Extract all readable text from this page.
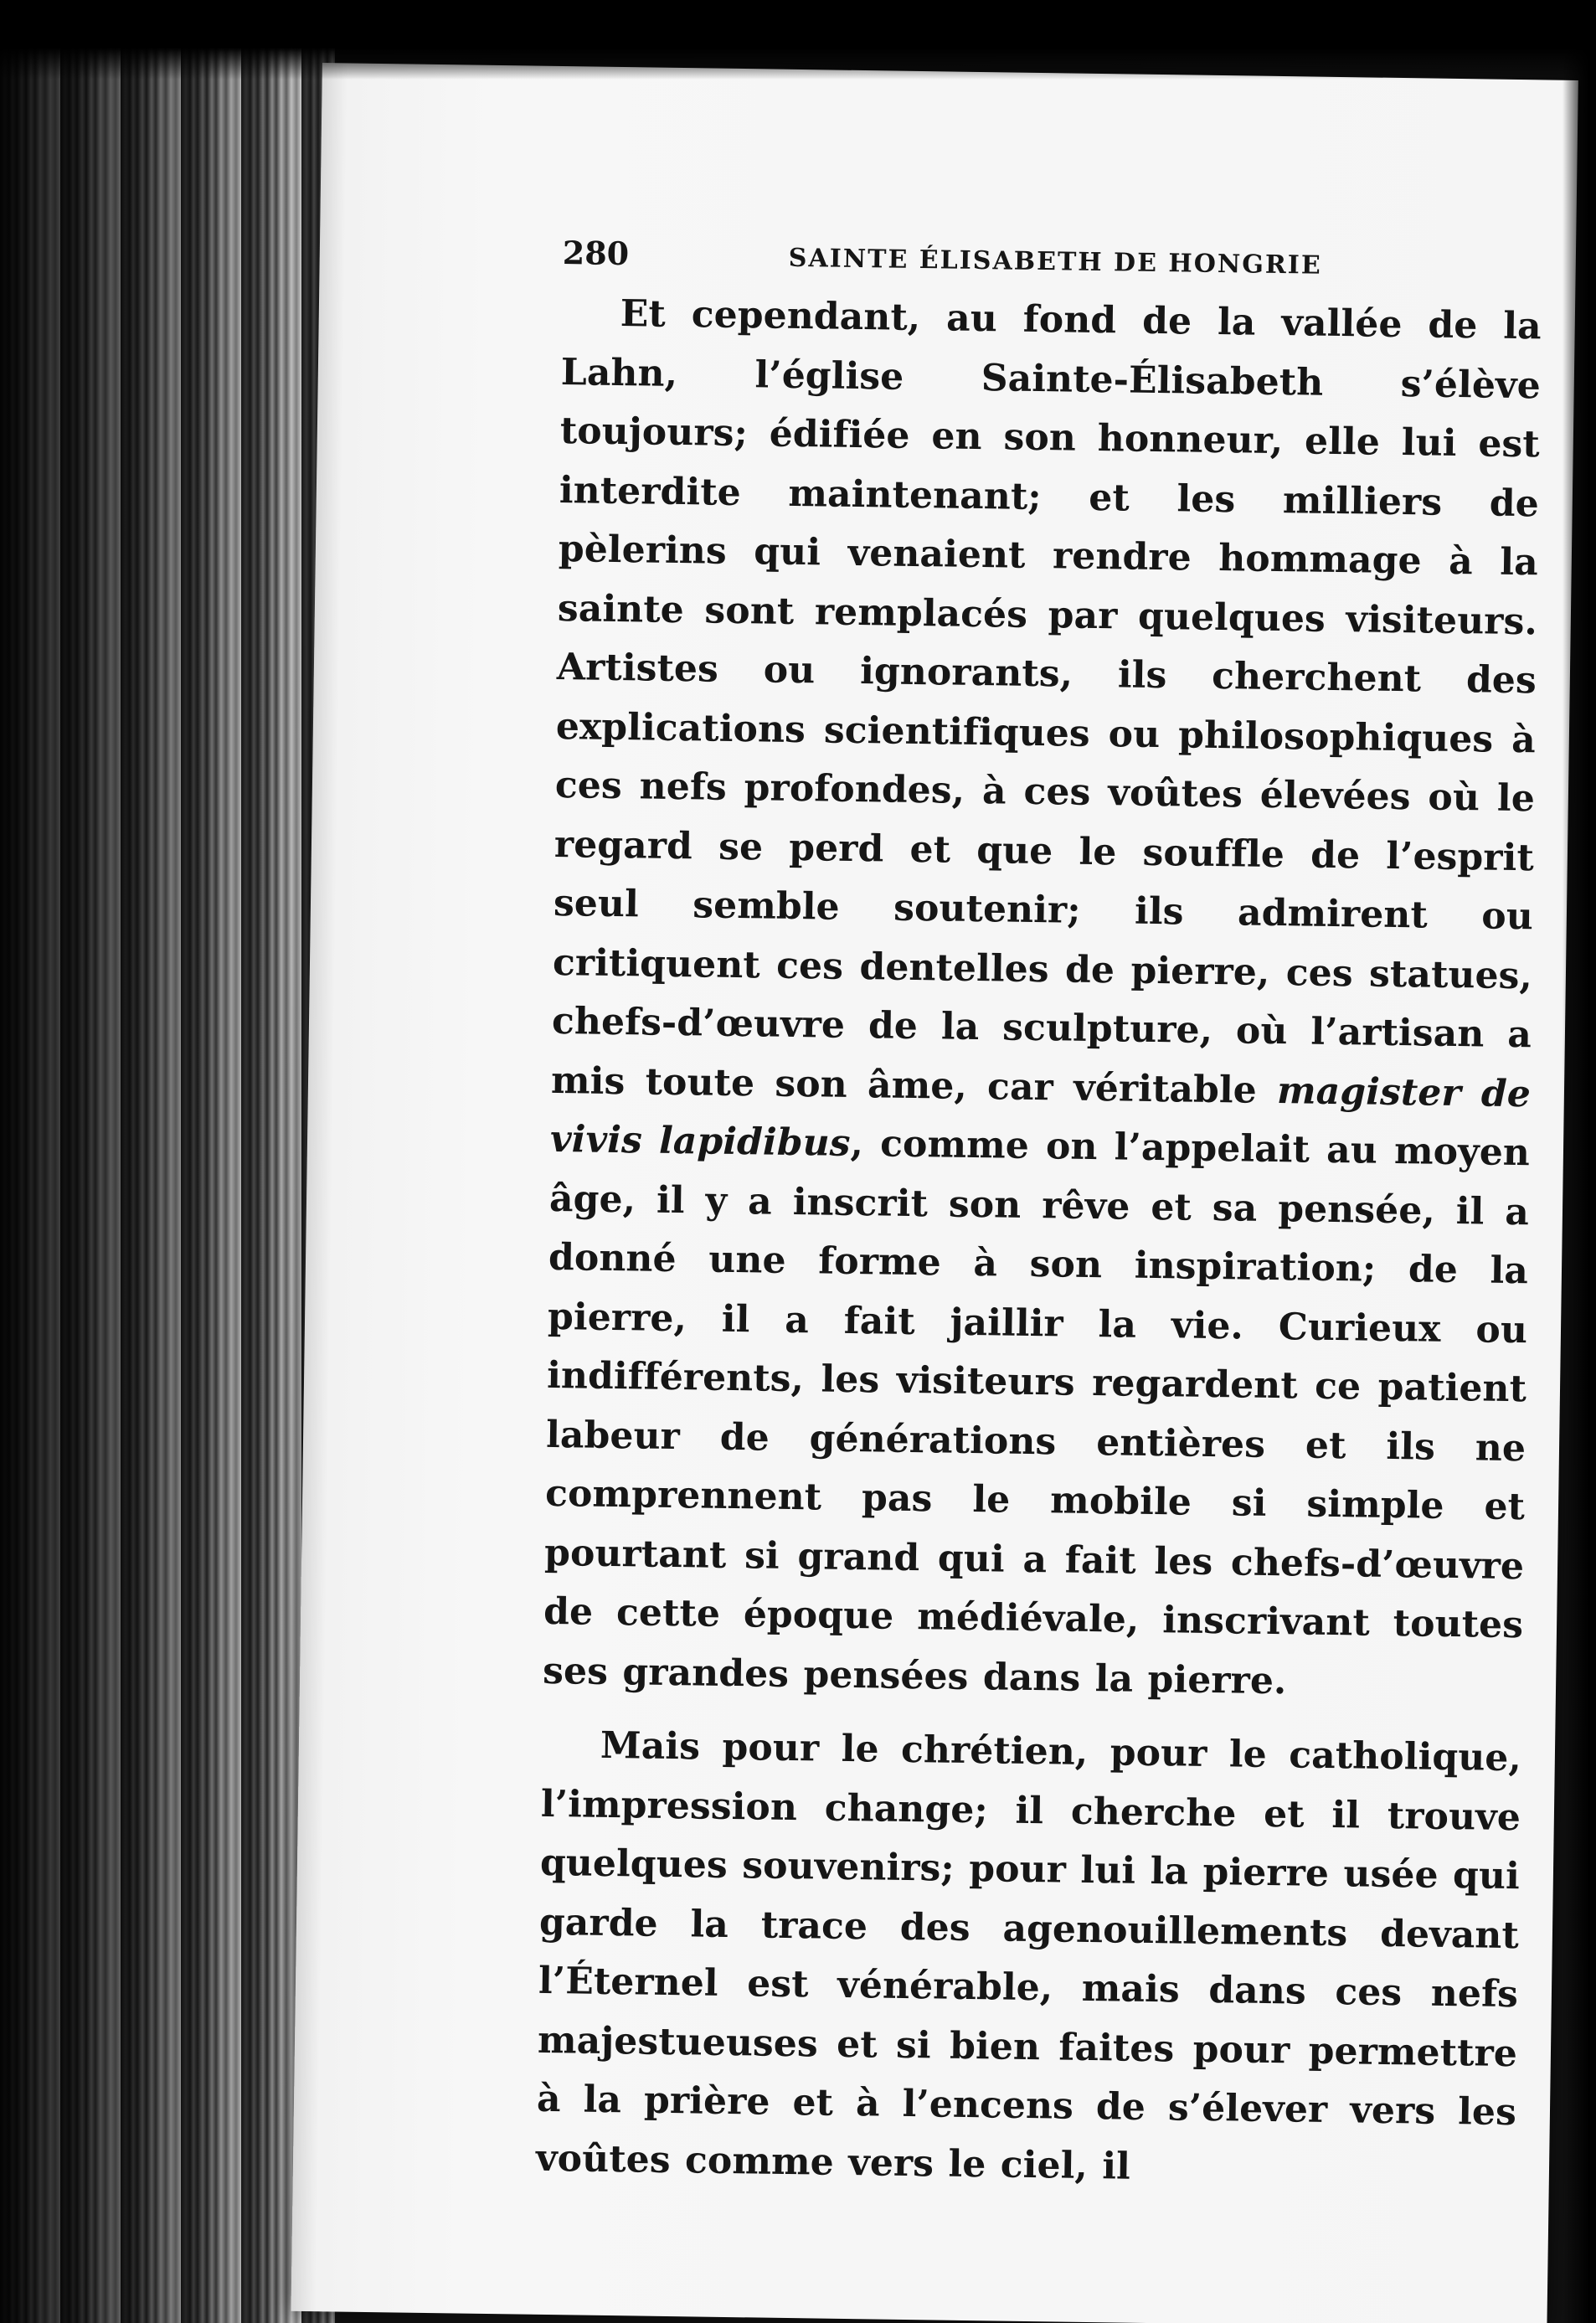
280	SAINTE ÉLISABETH DE HONGRIE

Et cependant, au fond de la vallée de la Lahn, l’église Sainte-Élisabeth s’élève toujours; édifiée en son honneur, elle lui est interdite maintenant; et les milliers de pèlerins qui venaient rendre hommage à la sainte sont remplacés par quelques visiteurs. Artistes ou ignorants, ils cherchent des explications scientifiques ou philosophiques à ces nefs profondes, à ces voûtes élevées où le regard se perd et que le souffle de l’esprit seul semble soutenir; ils admirent ou critiquent ces dentelles de pierre, ces statues, chefs-d’œuvre de la sculpture, où l’artisan a mis toute son âme, car véritable magister de vivis lapidibus, comme on l’appelait au moyen âge, il y a inscrit son rêve et sa pensée, il a donné une forme à son inspiration; de la pierre, il a fait jaillir la vie. Curieux ou indifférents, les visiteurs regardent ce patient labeur de générations entières et ils ne comprennent pas le mobile si simple et pourtant si grand qui a fait les chefs-d’œuvre de cette époque médiévale, inscrivant toutes ses grandes pensées dans la pierre.

Mais pour le chrétien, pour le catholique, l’impression change; il cherche et il trouve quelques souvenirs; pour lui la pierre usée qui garde la trace des agenouillements devant l’Éternel est vénérable, mais dans ces nefs majestueuses et si bien faites pour permettre à la prière et à l’encens de s’élever vers les voûtes comme vers le ciel, il
